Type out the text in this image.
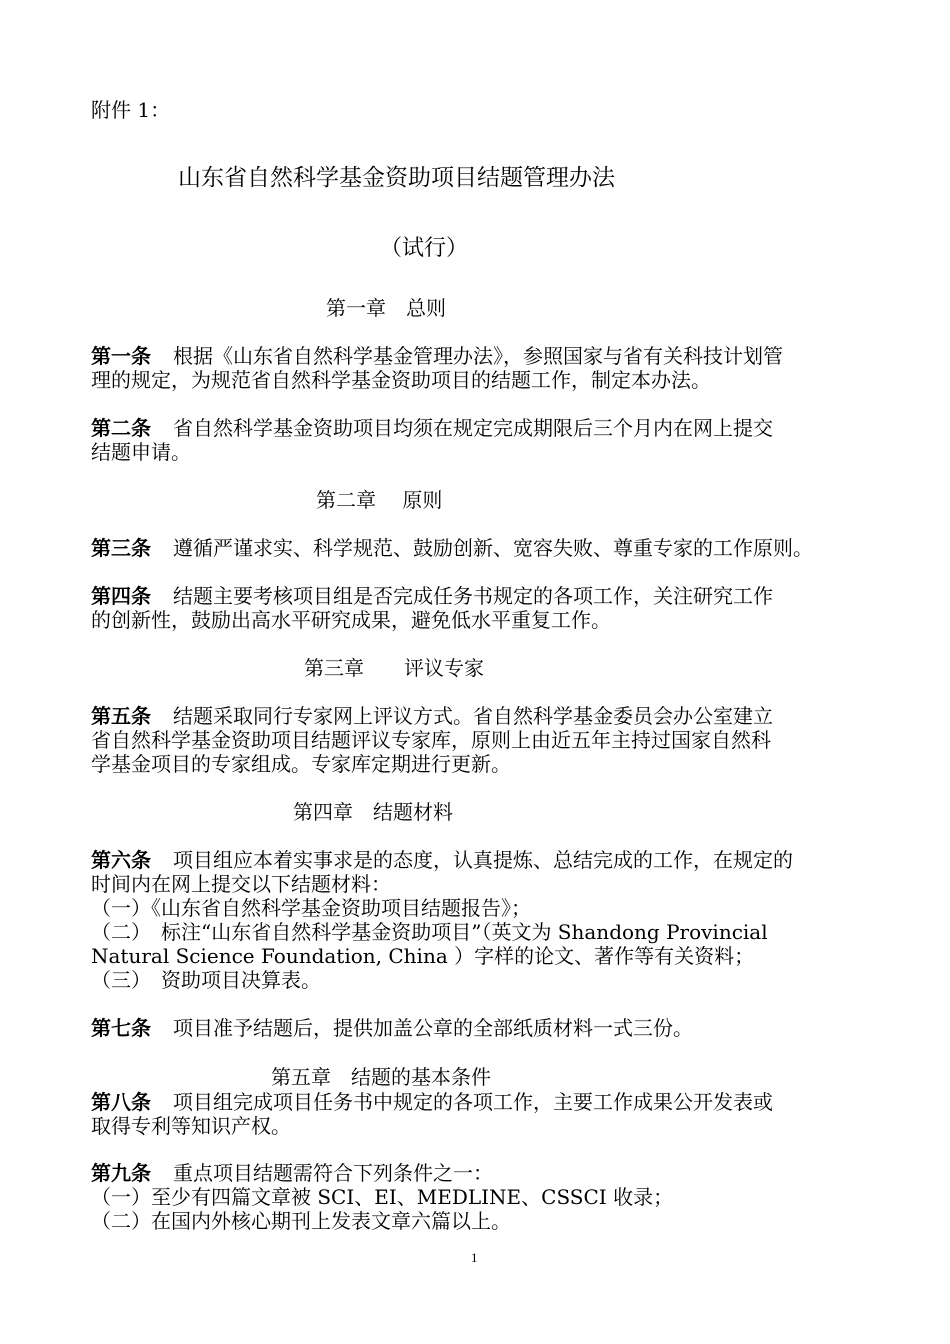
附件 1：
山东省自然科学基金资助项目结题管理办法
（试行）
第一章　总则
第一条 根据《山东省自然科学基金管理办法》，参照国家与省有关科技计划管
理的规定，为规范省自然科学基金资助项目的结题工作，制定本办法。
第二条 省自然科学基金资助项目均须在规定完成期限后三个月内在网上提交
结题申请。
第二章　 原则
第三条 遵循严谨求实、科学规范、鼓励创新、宽容失败、尊重专家的工作原则。
第四条 结题主要考核项目组是否完成任务书规定的各项工作，关注研究工作
的创新性，鼓励出高水平研究成果，避免低水平重复工作。
第三章　　评议专家
第五条 结题采取同行专家网上评议方式。省自然科学基金委员会办公室建立
省自然科学基金资助项目结题评议专家库，原则上由近五年主持过国家自然科
学基金项目的专家组成。专家库定期进行更新。
第四章　结题材料
第六条 项目组应本着实事求是的态度，认真提炼、总结完成的工作，在规定的
时间内在网上提交以下结题材料：
（一）《山东省自然科学基金资助项目结题报告》；
（二）　标注“山东省自然科学基金资助项目”（英文为 Shandong Provincial
Natural Science Foundation, China ）字样的论文、著作等有关资料；
（三）　资助项目决算表。
第七条 项目准予结题后，提供加盖公章的全部纸质材料一式三份。
第五章　结题的基本条件
第八条 项目组完成项目任务书中规定的各项工作，主要工作成果公开发表或
取得专利等知识产权。
第九条 重点项目结题需符合下列条件之一：
（一）至少有四篇文章被 SCI、EI、MEDLINE、CSSCI 收录；
（二）在国内外核心期刊上发表文章六篇以上。
1
